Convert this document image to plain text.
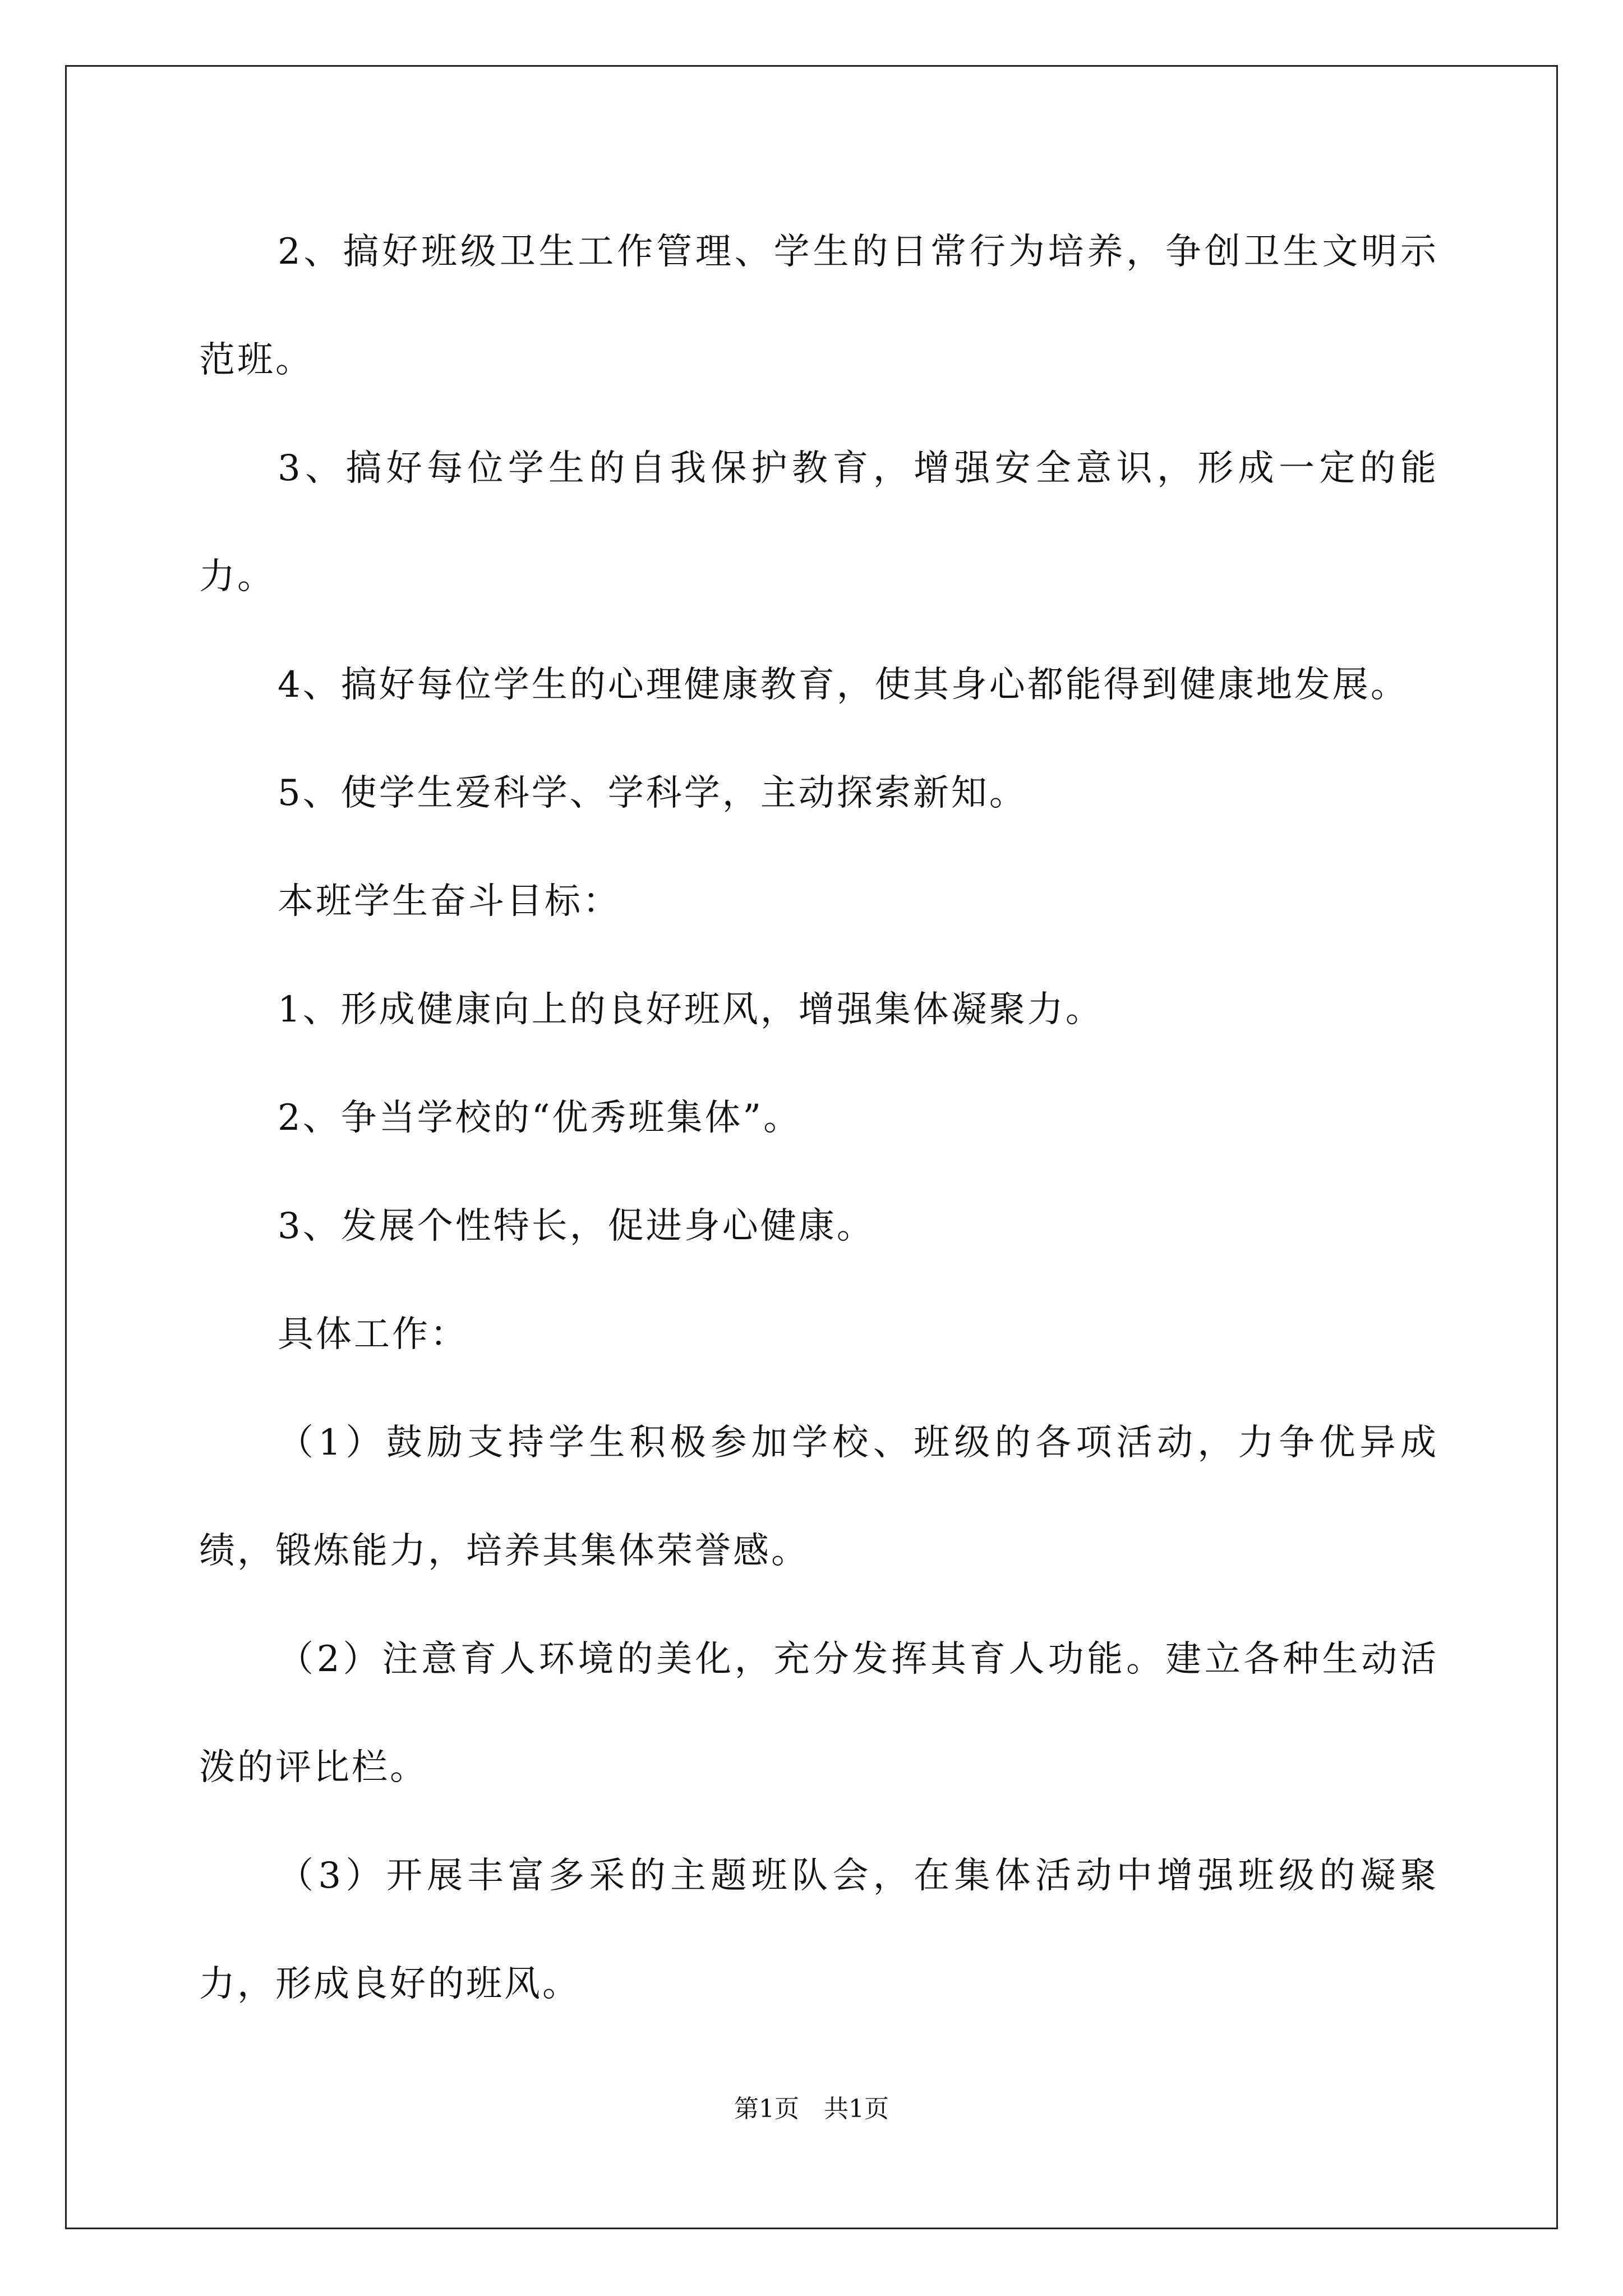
2、搞好班级卫生工作管理、学生的日常行为培养，争创卫生文明示范班。

3、搞好每位学生的自我保护教育，增强安全意识，形成一定的能力。

4、搞好每位学生的心理健康教育，使其身心都能得到健康地发展。

5、使学生爱科学、学科学，主动探索新知。

本班学生奋斗目标：

1、形成健康向上的良好班风，增强集体凝聚力。

2、争当学校的“优秀班集体”。

3、发展个性特长，促进身心健康。

具体工作：

（1）鼓励支持学生积极参加学校、班级的各项活动，力争优异成绩，锻炼能力，培养其集体荣誉感。

（2）注意育人环境的美化，充分发挥其育人功能。建立各种生动活泼的评比栏。

（3）开展丰富多采的主题班队会，在集体活动中增强班级的凝聚力，形成良好的班风。

第1页　共1页
